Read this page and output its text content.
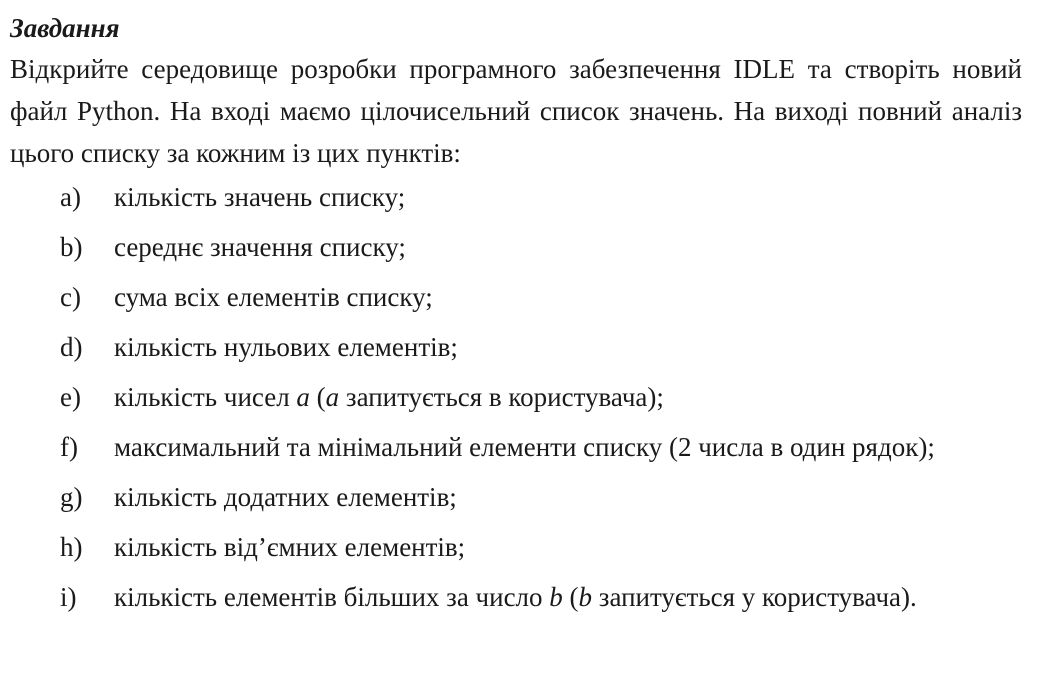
Завдання

Відкрийте середовище розробки програмного забезпечення IDLE та створіть новий файл Python. На вході маємо цілочисельний список значень. На виході повний аналіз цього списку за кожним із цих пунктів:

a) кількість значень списку;
b) середнє значення списку;
c) сума всіх елементів списку;
d) кількість нульових елементів;
e) кількість чисел a (a запитується в користувача);
f) максимальний та мінімальний елементи списку (2 числа в один рядок);
g) кількість додатних елементів;
h) кількість від’ємних елементів;
i) кількість елементів більших за число b (b запитується у користувача).
